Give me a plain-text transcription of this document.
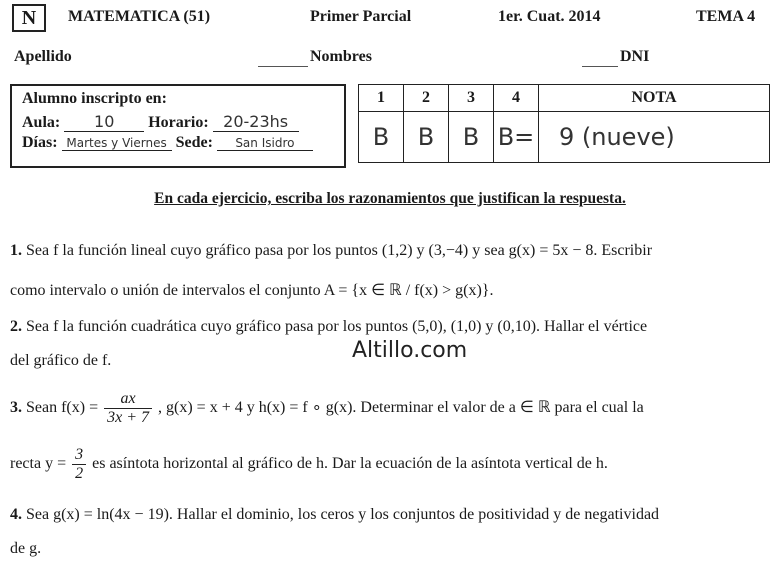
N	MATEMATICA (51)	Primer Parcial	1er. Cuat. 2014	TEMA 4
Apellido	Nombres	DNI
Alumno inscripto en:
Aula: 10 Horario: 20-23hs
Días: Martes y Viernes Sede: San Isidro
1	2	3	4	NOTA
B	B	B	B=	9 (nueve)
En cada ejercicio, escriba los razonamientos que justifican la respuesta.
1. Sea f la función lineal cuyo gráfico pasa por los puntos (1,2) y (3,−4) y sea g(x) = 5x − 8. Escribir
como intervalo o unión de intervalos el conjunto A = {x ∈ ℝ / f(x) > g(x)}.
2. Sea f la función cuadrática cuyo gráfico pasa por los puntos (5,0), (1,0) y (0,10). Hallar el vértice
del gráfico de f.	Altillo.com
3. Sean $f(x) = \frac{ax}{3x + 7}$ , g(x) = x + 4 y h(x) = f ∘ g(x). Determinar el valor de a ∈ ℝ para el cual la
recta $y = \frac{3}{2}$ es asíntota horizontal al gráfico de h. Dar la ecuación de la asíntota vertical de h.
4. Sea g(x) = ln(4x − 19). Hallar el dominio, los ceros y los conjuntos de positividad y de negatividad
de g.
